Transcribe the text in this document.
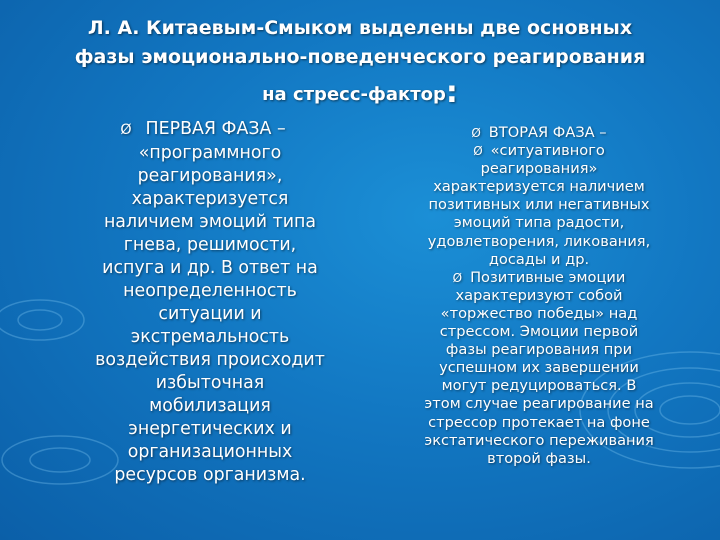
Л. А. Китаевым-Смыком выделены две основных
фазы эмоционально-поведенческого реагирования
на стресс-фактор:
Ø ПЕРВАЯ ФАЗА –
«программного
реагирования»,
характеризуется
наличием эмоций типа
гнева, решимости,
испуга и др. В ответ на
неопределенность
ситуации и
экстремальность
воздействия происходит
избыточная
мобилизация
энергетических и
организационных
ресурсов организма.
Ø ВТОРАЯ ФАЗА –
Ø «ситуативного
реагирования»
характеризуется наличием
позитивных или негативных
эмоций типа радости,
удовлетворения, ликования,
досады и др.
Ø Позитивные эмоции
характеризуют собой
«торжество победы» над
стрессом. Эмоции первой
фазы реагирования при
успешном их завершении
могут редуцироваться. В
этом случае реагирование на
стрессор протекает на фоне
экстатического переживания
второй фазы.
